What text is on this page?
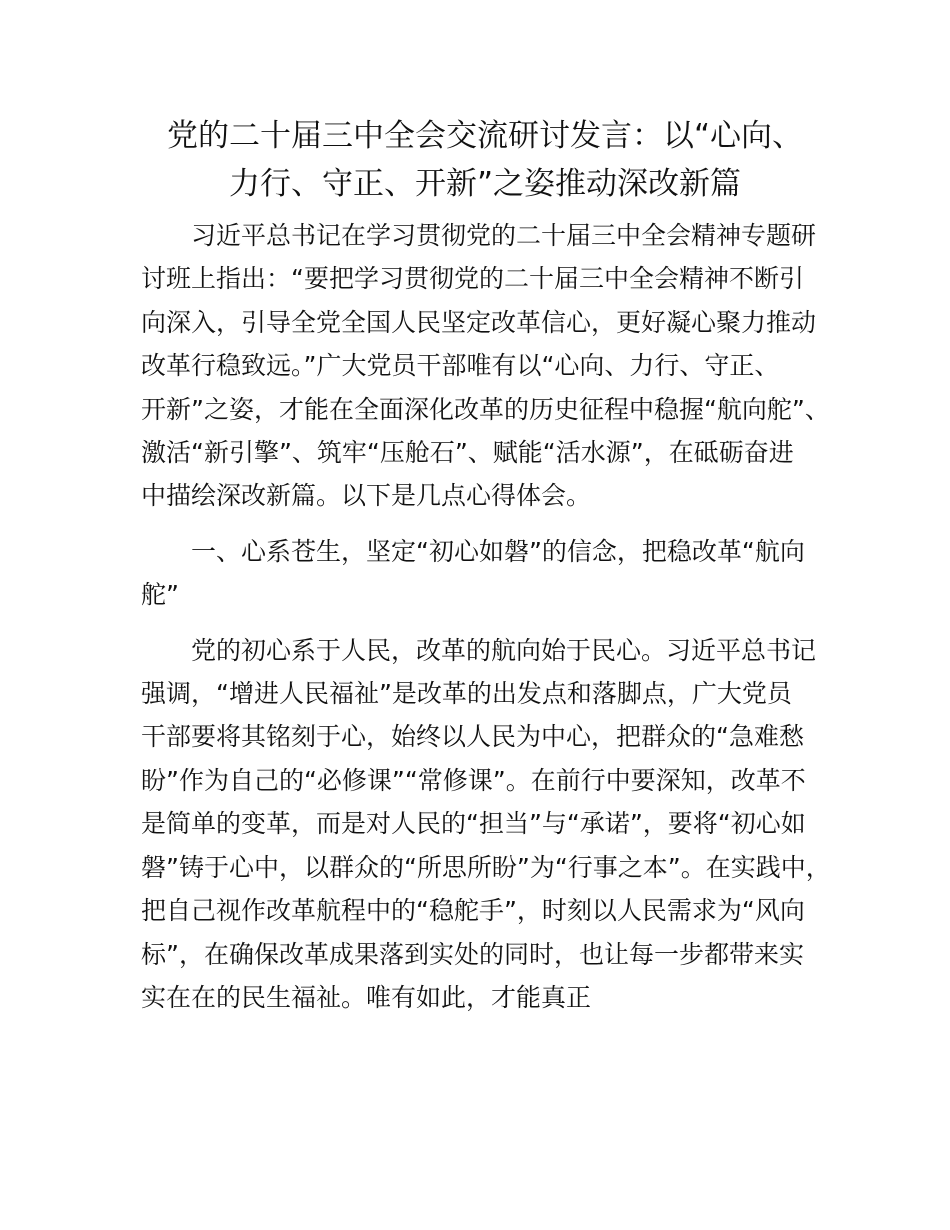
党的二十届三中全会交流研讨发言：以“心向、
力行、守正、开新”之姿推动深改新篇

习近平总书记在学习贯彻党的二十届三中全会精神专题研
讨班上指出：“要把学习贯彻党的二十届三中全会精神不断引
向深入，引导全党全国人民坚定改革信心，更好凝心聚力推动
改革行稳致远。”广大党员干部唯有以“心向、力行、守正、
开新”之姿，才能在全面深化改革的历史征程中稳握“航向舵”、
激活“新引擎”、筑牢“压舱石”、赋能“活水源”，在砥砺奋进
中描绘深改新篇。以下是几点心得体会。

一、心系苍生，坚定“初心如磐”的信念，把稳改革“航向
舵”

党的初心系于人民，改革的航向始于民心。习近平总书记
强调，“增进人民福祉”是改革的出发点和落脚点，广大党员
干部要将其铭刻于心，始终以人民为中心，把群众的“急难愁
盼”作为自己的“必修课”“常修课”。在前行中要深知，改革不
是简单的变革，而是对人民的“担当”与“承诺”，要将“初心如
磐”铸于心中，以群众的“所思所盼”为“行事之本”。在实践中，
把自己视作改革航程中的“稳舵手”，时刻以人民需求为“风向
标”，在确保改革成果落到实处的同时，也让每一步都带来实
实在在的民生福祉。唯有如此，才能真正
